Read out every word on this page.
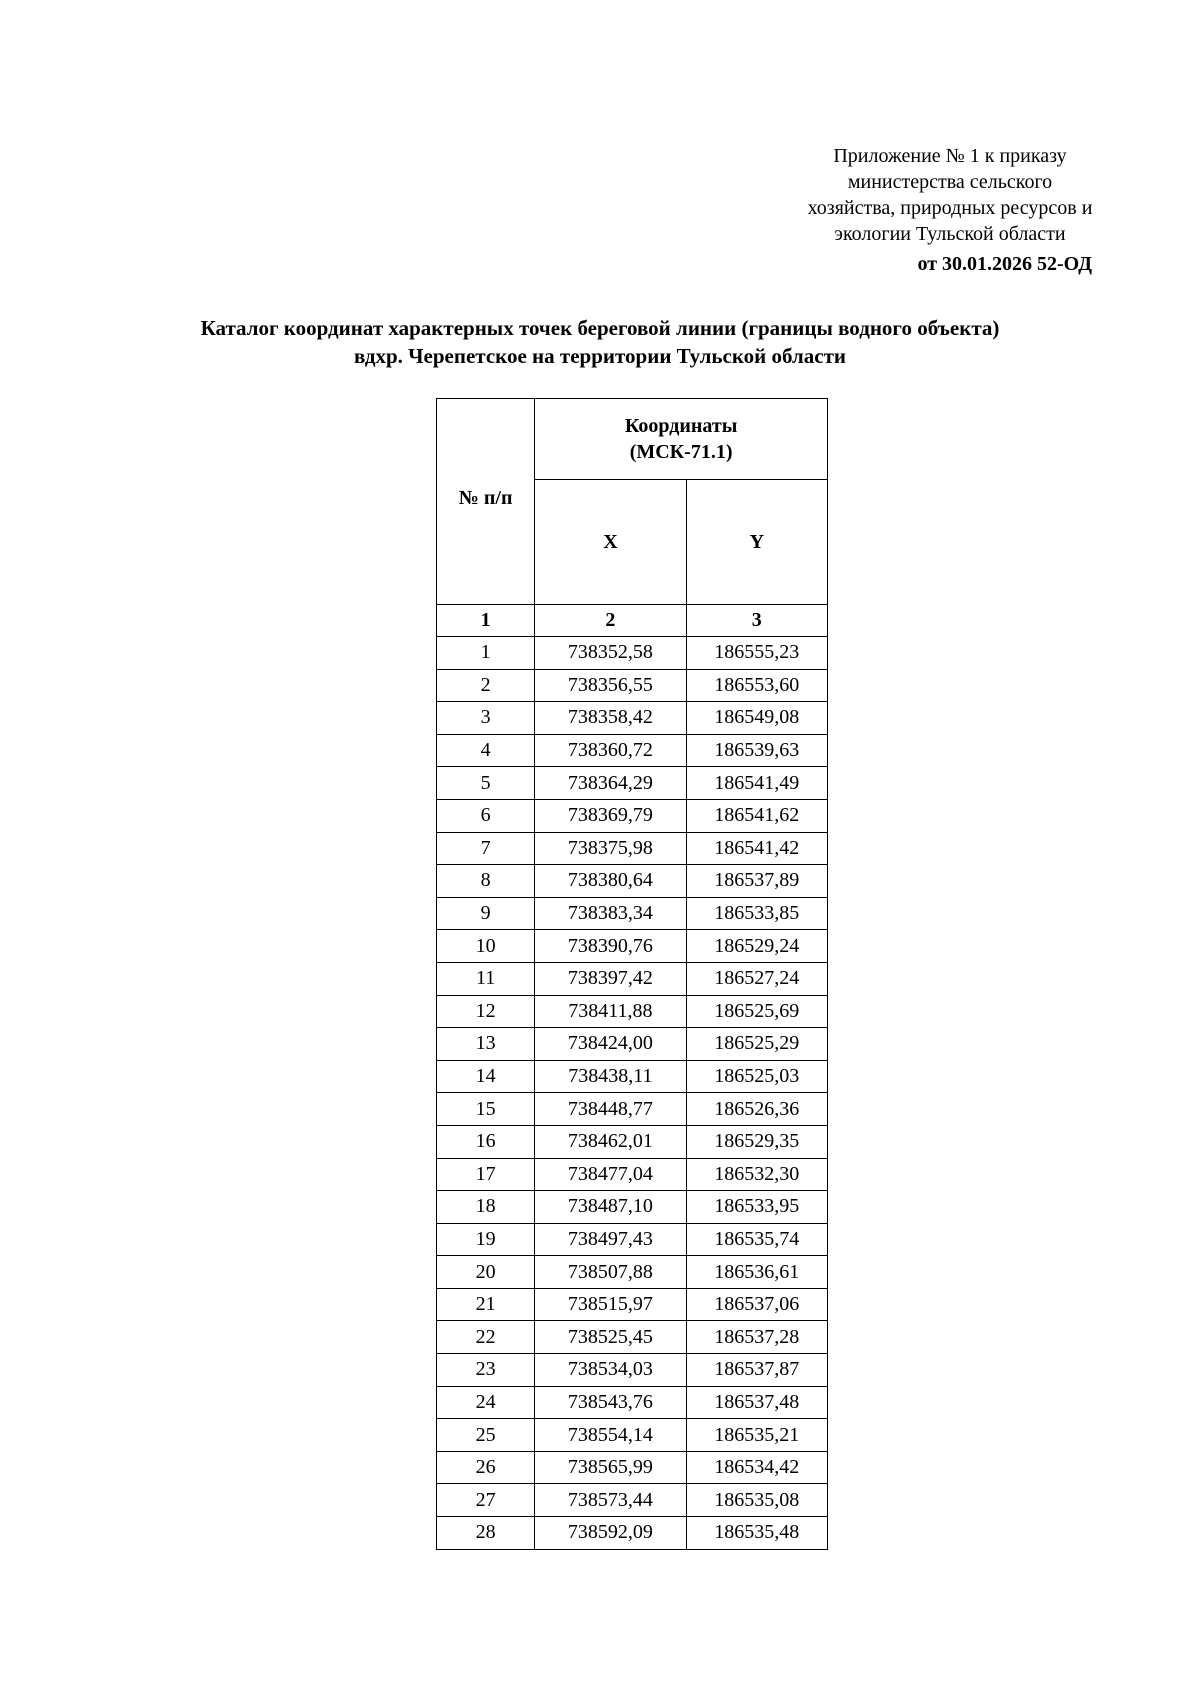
Приложение № 1 к приказу
министерства сельского
хозяйства, природных ресурсов и
экологии Тульской области
от 30.01.2026 52-ОД
Каталог координат характерных точек береговой линии (границы водного объекта)
вдхр. Черепетское на территории Тульской области
№ п/п	Координаты
(МСК-71.1)	

	X	Y
1	2	3
1	738352,58	186555,23
2	738356,55	186553,60
3	738358,42	186549,08
4	738360,72	186539,63
5	738364,29	186541,49
6	738369,79	186541,62
7	738375,98	186541,42
8	738380,64	186537,89
9	738383,34	186533,85
10	738390,76	186529,24
11	738397,42	186527,24
12	738411,88	186525,69
13	738424,00	186525,29
14	738438,11	186525,03
15	738448,77	186526,36
16	738462,01	186529,35
17	738477,04	186532,30
18	738487,10	186533,95
19	738497,43	186535,74
20	738507,88	186536,61
21	738515,97	186537,06
22	738525,45	186537,28
23	738534,03	186537,87
24	738543,76	186537,48
25	738554,14	186535,21
26	738565,99	186534,42
27	738573,44	186535,08
28	738592,09	186535,48
